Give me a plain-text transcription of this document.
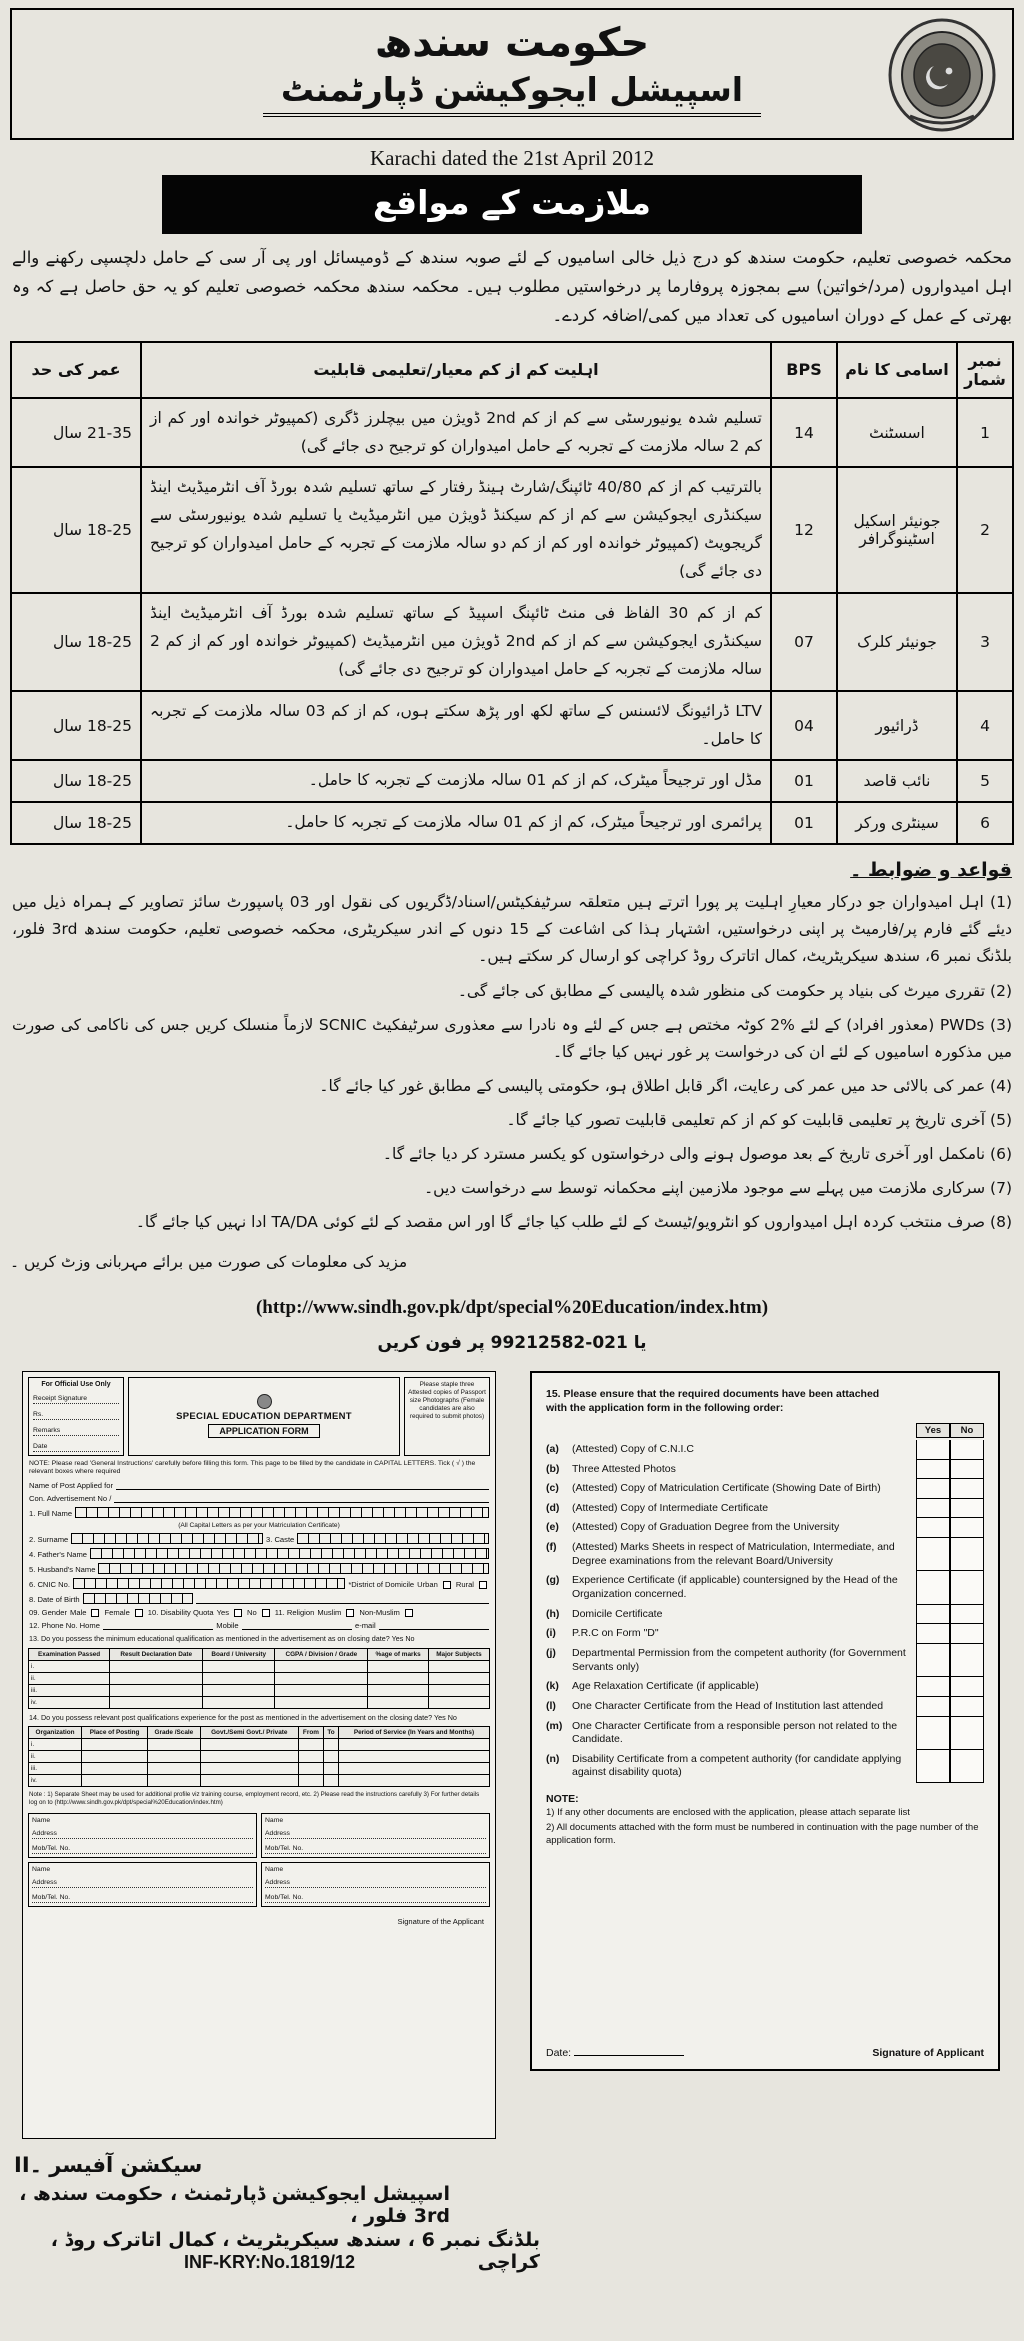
حکومت سندھ
اسپیشل ایجوکیشن ڈپارٹمنٹ
Karachi dated the 21st April 2012
ملازمت کے مواقع

محکمہ خصوصی تعلیم، حکومت سندھ کو درج ذیل خالی اسامیوں کے لئے صوبہ سندھ کے ڈومیسائل اور پی آر سی کے حامل دلچسپی رکھنے والے اہل امیدواروں (مرد/خواتین) سے بمجوزہ پروفارما پر درخواستیں مطلوب ہیں۔ محکمہ سندھ محکمہ خصوصی تعلیم کو یہ حق حاصل ہے کہ وہ بھرتی کے عمل کے دوران اسامیوں کی تعداد میں کمی/اضافہ کردے۔

نمبر شمار	اسامی کا نام	BPS	اہلیت کم از کم معیار/تعلیمی قابلیت	عمر کی حد
1	اسسٹنٹ	14	تسلیم شدہ یونیورسٹی سے کم از کم 2nd ڈویژن میں بیچلرز ڈگری (کمپیوٹر خواندہ اور کم از کم 2 سالہ ملازمت کے تجربہ کے حامل امیدواران کو ترجیح دی جائے گی)	21-35 سال
2	جونیئر اسکیل اسٹینوگرافر	12	بالترتیب کم از کم 40/80 ٹائپنگ/شارٹ ہینڈ رفتار کے ساتھ تسلیم شدہ بورڈ آف انٹرمیڈیٹ اینڈ سیکنڈری ایجوکیشن سے کم از کم سیکنڈ ڈویژن میں انٹرمیڈیٹ یا تسلیم شدہ یونیورسٹی سے گریجویٹ (کمپیوٹر خواندہ اور کم از کم دو سالہ ملازمت کے تجربہ کے حامل امیدواران کو ترجیح دی جائے گی)	18-25 سال
3	جونیئر کلرک	07	کم از کم 30 الفاظ فی منٹ ٹائپنگ اسپیڈ کے ساتھ تسلیم شدہ بورڈ آف انٹرمیڈیٹ اینڈ سیکنڈری ایجوکیشن سے کم از کم 2nd ڈویژن میں انٹرمیڈیٹ (کمپیوٹر خواندہ اور کم از کم 2 سالہ ملازمت کے تجربہ کے حامل امیدواران کو ترجیح دی جائے گی)	18-25 سال
4	ڈرائیور	04	LTV ڈرائیونگ لائسنس کے ساتھ لکھ اور پڑھ سکتے ہوں، کم از کم 03 سالہ ملازمت کے تجربہ کا حامل۔	18-25 سال
5	نائب قاصد	01	مڈل اور ترجیحاً میٹرک، کم از کم 01 سالہ ملازمت کے تجربہ کا حامل۔	18-25 سال
6	سینٹری ورکر	01	پرائمری اور ترجیحاً میٹرک، کم از کم 01 سالہ ملازمت کے تجربہ کا حامل۔	18-25 سال
قواعد و ضوابط ۔

(1) اہل امیدواران جو درکار معیارِ اہلیت پر پورا اترتے ہیں متعلقہ سرٹیفکیٹس/اسناد/ڈگریوں کی نقول اور 03 پاسپورٹ سائز تصاویر کے ہمراہ ذیل میں دیئے گئے فارم پر/فارمیٹ پر اپنی درخواستیں، اشتہار ہذا کی اشاعت کے 15 دنوں کے اندر سیکریٹری، محکمہ خصوصی تعلیم، حکومت سندھ 3rd فلور، بلڈنگ نمبر 6، سندھ سیکریٹریٹ، کمال اتاترک روڈ کراچی کو ارسال کر سکتے ہیں۔

(2) تقرری میرٹ کی بنیاد پر حکومت کی منظور شدہ پالیسی کے مطابق کی جائے گی۔

(3) PWDs (معذور افراد) کے لئے %2 کوٹہ مختص ہے جس کے لئے وہ نادرا سے معذوری سرٹیفکیٹ SCNIC لازماً منسلک کریں جس کی ناکامی کی صورت میں مذکورہ اسامیوں کے لئے ان کی درخواست پر غور نہیں کیا جائے گا۔

(4) عمر کی بالائی حد میں عمر کی رعایت، اگر قابل اطلاق ہو، حکومتی پالیسی کے مطابق غور کیا جائے گا۔

(5) آخری تاریخ پر تعلیمی قابلیت کو کم از کم تعلیمی قابلیت تصور کیا جائے گا۔

(6) نامکمل اور آخری تاریخ کے بعد موصول ہونے والی درخواستوں کو یکسر مسترد کر دیا جائے گا۔

(7) سرکاری ملازمت میں پہلے سے موجود ملازمین اپنے محکمانہ توسط سے درخواست دیں۔

(8) صرف منتخب کردہ اہل امیدواروں کو انٹرویو/ٹیسٹ کے لئے طلب کیا جائے گا اور اس مقصد کے لئے کوئی TA/DA ادا نہیں کیا جائے گا۔

مزید کی معلومات کی صورت میں برائے مہربانی وزٹ کریں ۔

(http://www.sindh.gov.pk/dpt/special%20Education/index.htm)
یا 021-99212582 پر فون کریں
For Official Use Only
Receipt Signature
Rs.
Remarks
Date
SPECIAL EDUCATION DEPARTMENT
APPLICATION FORM
Please staple three Attested copies of Passport size Photographs (Female candidates are also required to submit photos)
NOTE: Please read 'General Instructions' carefully before filling this form. This page to be filled by the candidate in CAPITAL LETTERS. Tick ( √ ) the relevant boxes where required
Name of Post Applied for
Con. Advertisement No /
1. Full Name
(All Capital Letters as per your Matriculation Certificate)
2. Surname	3. Caste
4. Father's Name
5. Husband's Name
6. CNIC No.	*District of Domicile Urban Rural
8. Date of Birth
09. Gender Male Female 10. Disability Quota Yes No 11. Religion Muslim Non-Muslim
12. Phone No. Home	Mobile	e-mail
13. Do you possess the minimum educational qualification as mentioned in the advertisement as on closing date? Yes No
Examination Passed	Result Declaration Date	Board / University	CGPA / Division / Grade	%age of marks	Major Subjects
i.					
ii.					
iii.					
iv.					
14. Do you possess relevant post qualifications experience for the post as mentioned in the advertisement on the closing date? Yes No
Organization	Place of Posting	Grade /Scale	Govt./Semi Govt./ Private	From	To	Period of Service (In Years and Months)
i.						
ii.						
iii.						
iv.						
Note : 1) Separate Sheet may be used for additional profile viz training course, employment record, etc. 2) Please read the instructions carefully 3) For further details log on to (http://www.sindh.gov.pk/dpt/special%20Education/index.htm)
Name
Address
Mob/Tel. No.
Name
Address
Mob/Tel. No.
Name
Address
Mob/Tel. No.
Name
Address
Mob/Tel. No.
Signature of the Applicant
15. Please ensure that the required documents have been attached with the application form in the following order:
Yes	No
(a)	(Attested) Copy of C.N.I.C
(b)	Three Attested Photos
(c)	(Attested) Copy of Matriculation Certificate (Showing Date of Birth)
(d)	(Attested) Copy of Intermediate Certificate
(e)	(Attested) Copy of Graduation Degree from the University
(f)	(Attested) Marks Sheets in respect of Matriculation, Intermediate, and Degree examinations from the relevant Board/University
(g)	Experience Certificate (if applicable) countersigned by the Head of the Organization concerned.
(h)	Domicile Certificate
(i)	P.R.C on Form "D"
(j)	Departmental Permission from the competent authority (for Government Servants only)
(k)	Age Relaxation Certificate (if applicable)
(l)	One Character Certificate from the Head of Institution last attended
(m) One Character Certificate from a responsible person not related to the Candidate.
(n)	Disability Certificate from a competent authority (for candidate applying against disability quota)
NOTE:
1) If any other documents are enclosed with the application, please attach separate list
2) All documents attached with the form must be numbered in continuation with the page number of the application form.
Date:	Signature of Applicant
سیکشن آفیسر ۔II
اسپیشل ایجوکیشن ڈپارٹمنٹ ، حکومت سندھ ، 3rd فلور ،
بلڈنگ نمبر 6 ، سندھ سیکریٹریٹ ، کمال اتاترک روڈ ، کراچی
INF-KRY:No.1819/12
